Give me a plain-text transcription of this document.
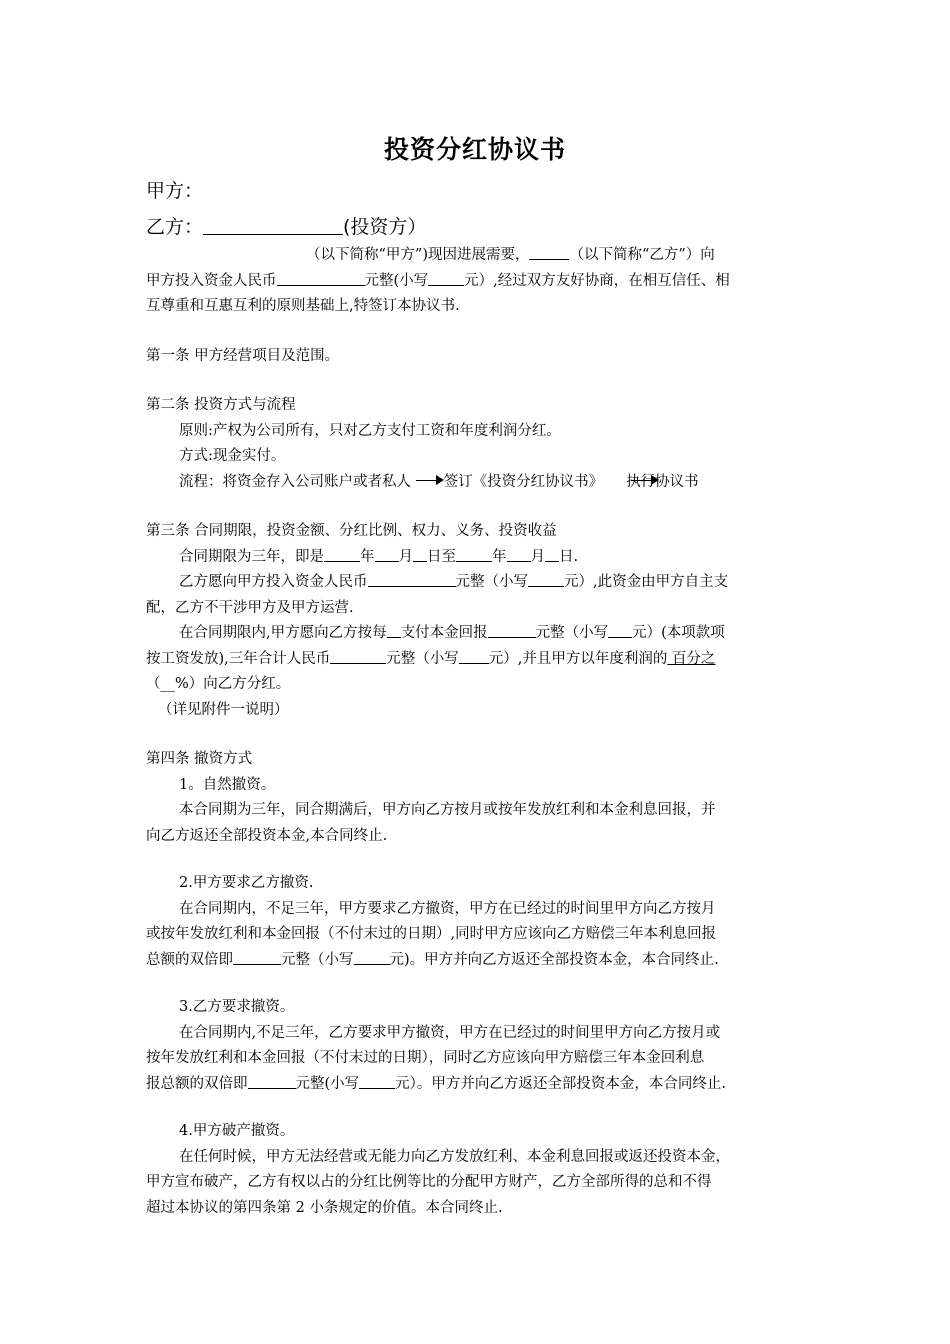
投资分红协议书
甲方：
乙方：	(投资方）

（以下简称“甲方”)现因进展需要，	（以下简称“乙方”）向

甲方投入资金人民币	元整(小写 元）,经过双方友好协商，在相互信任、相

互尊重和互惠互利的原则基础上,特签订本协议书.

第一条 甲方经营项目及范围。

第二条 投资方式与流程

原则:产权为公司所有，只对乙方支付工资和年度利润分红。

方式:现金实付。

流程：将资金存入公司账户或者私人 签订《投资分红协议书》 执行协议书

第三条 合同期限，投资金额、分红比例、权力、义务、投资收益

合同期限为三年，即是 年 月 日至 年 月 日.

乙方愿向甲方投入资金人民币	元整（小写 元）,此资金由甲方自主支

配，乙方不干涉甲方及甲方运营.

在合同期限内,甲方愿向乙方按每 支付本金回报	元整（小写 元）(本项款项

按工资发放),三年合计人民币	元整（小写 元）,并且甲方以年度利润的 百分之

（__%）向乙方分红。

（详见附件一说明）

第四条 撤资方式

1。自然撤资。

本合同期为三年，同合期满后，甲方向乙方按月或按年发放红利和本金利息回报，并

向乙方返还全部投资本金,本合同终止.

2.甲方要求乙方撤资.

在合同期内，不足三年，甲方要求乙方撤资，甲方在已经过的时间里甲方向乙方按月

或按年发放红利和本金回报（不付末过的日期）,同时甲方应该向乙方赔偿三年本利息回报

总额的双倍即	元整（小写 元)。甲方并向乙方返还全部投资本金，本合同终止.

3.乙方要求撤资。

在合同期内,不足三年，乙方要求甲方撤资，甲方在已经过的时间里甲方向乙方按月或

按年发放红利和本金回报（不付末过的日期），同时乙方应该向甲方赔偿三年本金回利息

报总额的双倍即	元整(小写 元）。甲方并向乙方返还全部投资本金，本合同终止.

4.甲方破产撤资。

在任何时候，甲方无法经营或无能力向乙方发放红利、本金利息回报或返还投资本金，

甲方宣布破产，乙方有权以占的分红比例等比的分配甲方财产，乙方全部所得的总和不得

超过本协议的第四条第 2 小条规定的价值。本合同终止.
